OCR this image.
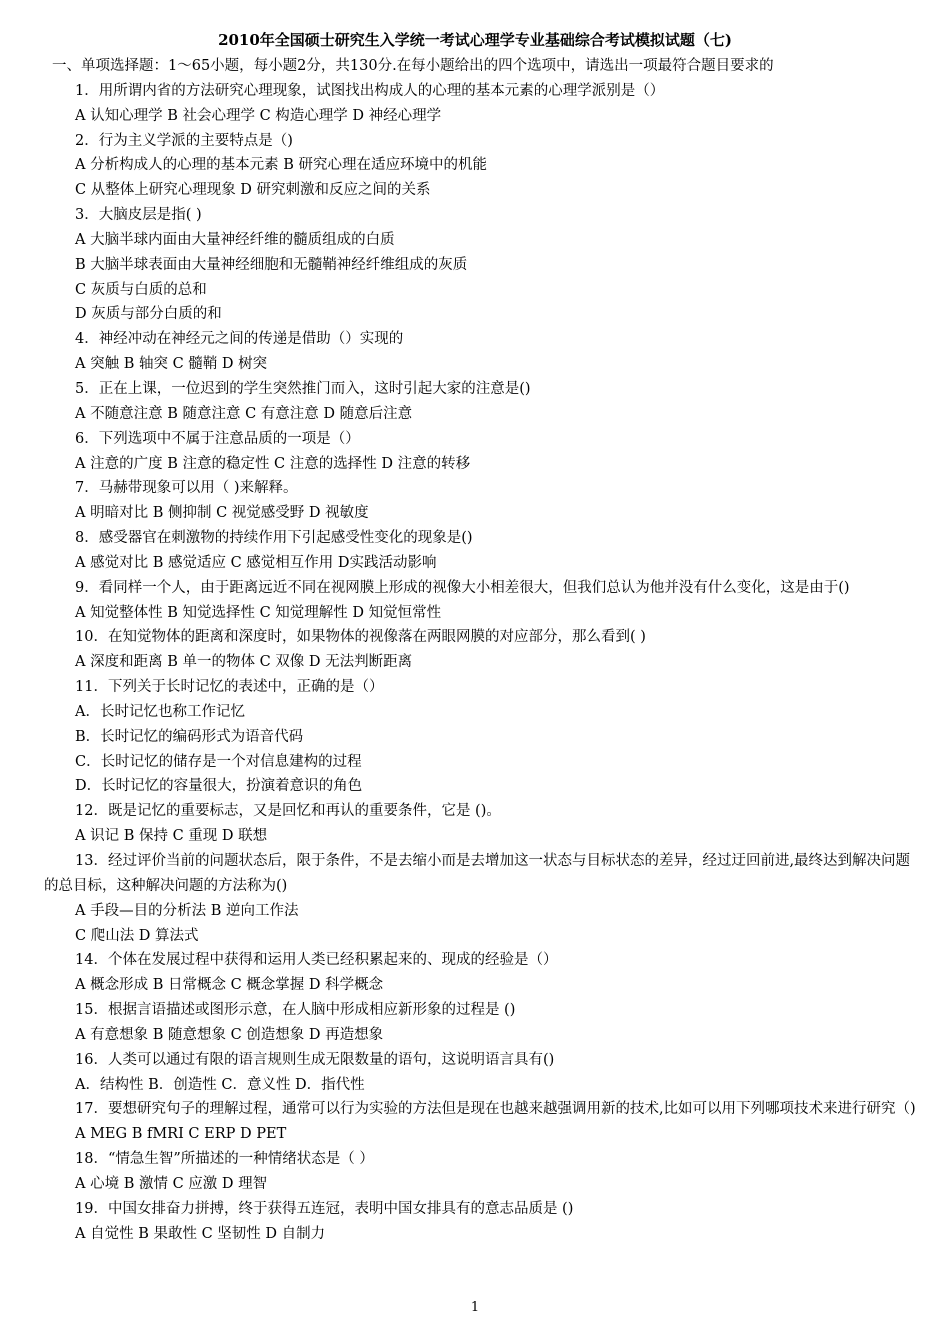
2010年全国硕士研究生入学统一考试心理学专业基础综合考试模拟试题（七)
一、单项选择题：1～65小题，每小题2分，共130分.在每小题给出的四个选项中，请选出一项最符合题目要求的
1．用所谓内省的方法研究心理现象，试图找出构成人的心理的基本元素的心理学派别是（）
A 认知心理学 B 社会心理学 C 构造心理学 D 神经心理学
2．行为主义学派的主要特点是（)
A 分析构成人的心理的基本元素 B 研究心理在适应环境中的机能
C 从整体上研究心理现象 D 研究刺激和反应之间的关系
3．大脑皮层是指( )
A 大脑半球内面由大量神经纤维的髓质组成的白质
B 大脑半球表面由大量神经细胞和无髓鞘神经纤维组成的灰质
C 灰质与白质的总和
D 灰质与部分白质的和
4．神经冲动在神经元之间的传递是借助（）实现的
A 突触 B 轴突 C 髓鞘 D 树突
5．正在上课，一位迟到的学生突然推门而入，这时引起大家的注意是()
A 不随意注意 B 随意注意 C 有意注意 D 随意后注意
6．下列选项中不属于注意品质的一项是（）
A 注意的广度 B 注意的稳定性 C 注意的选择性 D 注意的转移
7．马赫带现象可以用（ )来解释。
A 明暗对比 B 侧抑制 C 视觉感受野 D 视敏度
8．感受器官在刺激物的持续作用下引起感受性变化的现象是()
A 感觉对比 B 感觉适应 C 感觉相互作用 D实践活动影响
9．看同样一个人，由于距离远近不同在视网膜上形成的视像大小相差很大，但我们总认为他并没有什么变化，这是由于()
A 知觉整体性 B 知觉选择性 C 知觉理解性 D 知觉恒常性
10．在知觉物体的距离和深度时，如果物体的视像落在两眼网膜的对应部分，那么看到( )
A 深度和距离 B 单一的物体 C 双像 D 无法判断距离
11．下列关于长时记忆的表述中，正确的是（）
A．长时记忆也称工作记忆
B．长时记忆的编码形式为语音代码
C．长时记忆的储存是一个对信息建构的过程
D．长时记忆的容量很大，扮演着意识的角色
12．既是记忆的重要标志，又是回忆和再认的重要条件，它是 ()。
A 识记 B 保持 C 重现 D 联想
13．经过评价当前的问题状态后，限于条件，不是去缩小而是去增加这一状态与目标状态的差异，经过迂回前进,最终达到解决问题的总目标，这种解决问题的方法称为()
A 手段—目的分析法 B 逆向工作法
C 爬山法 D 算法式
14．个体在发展过程中获得和运用人类已经积累起来的、现成的经验是（）
A 概念形成 B 日常概念 C 概念掌握 D 科学概念
15．根据言语描述或图形示意，在人脑中形成相应新形象的过程是 ()
A 有意想象 B 随意想象 C 创造想象 D 再造想象
16．人类可以通过有限的语言规则生成无限数量的语句，这说明语言具有()
A．结构性 B．创造性 C．意义性 D．指代性
17．要想研究句子的理解过程，通常可以行为实验的方法但是现在也越来越强调用新的技术,比如可以用下列哪项技术来进行研究（)
A MEG B fMRI C ERP D PET
18．“情急生智”所描述的一种情绪状态是（ ）
A 心境 B 激情 C 应激 D 理智
19．中国女排奋力拼搏，终于获得五连冠，表明中国女排具有的意志品质是 ()
A 自觉性 B 果敢性 C 坚韧性 D 自制力
1
